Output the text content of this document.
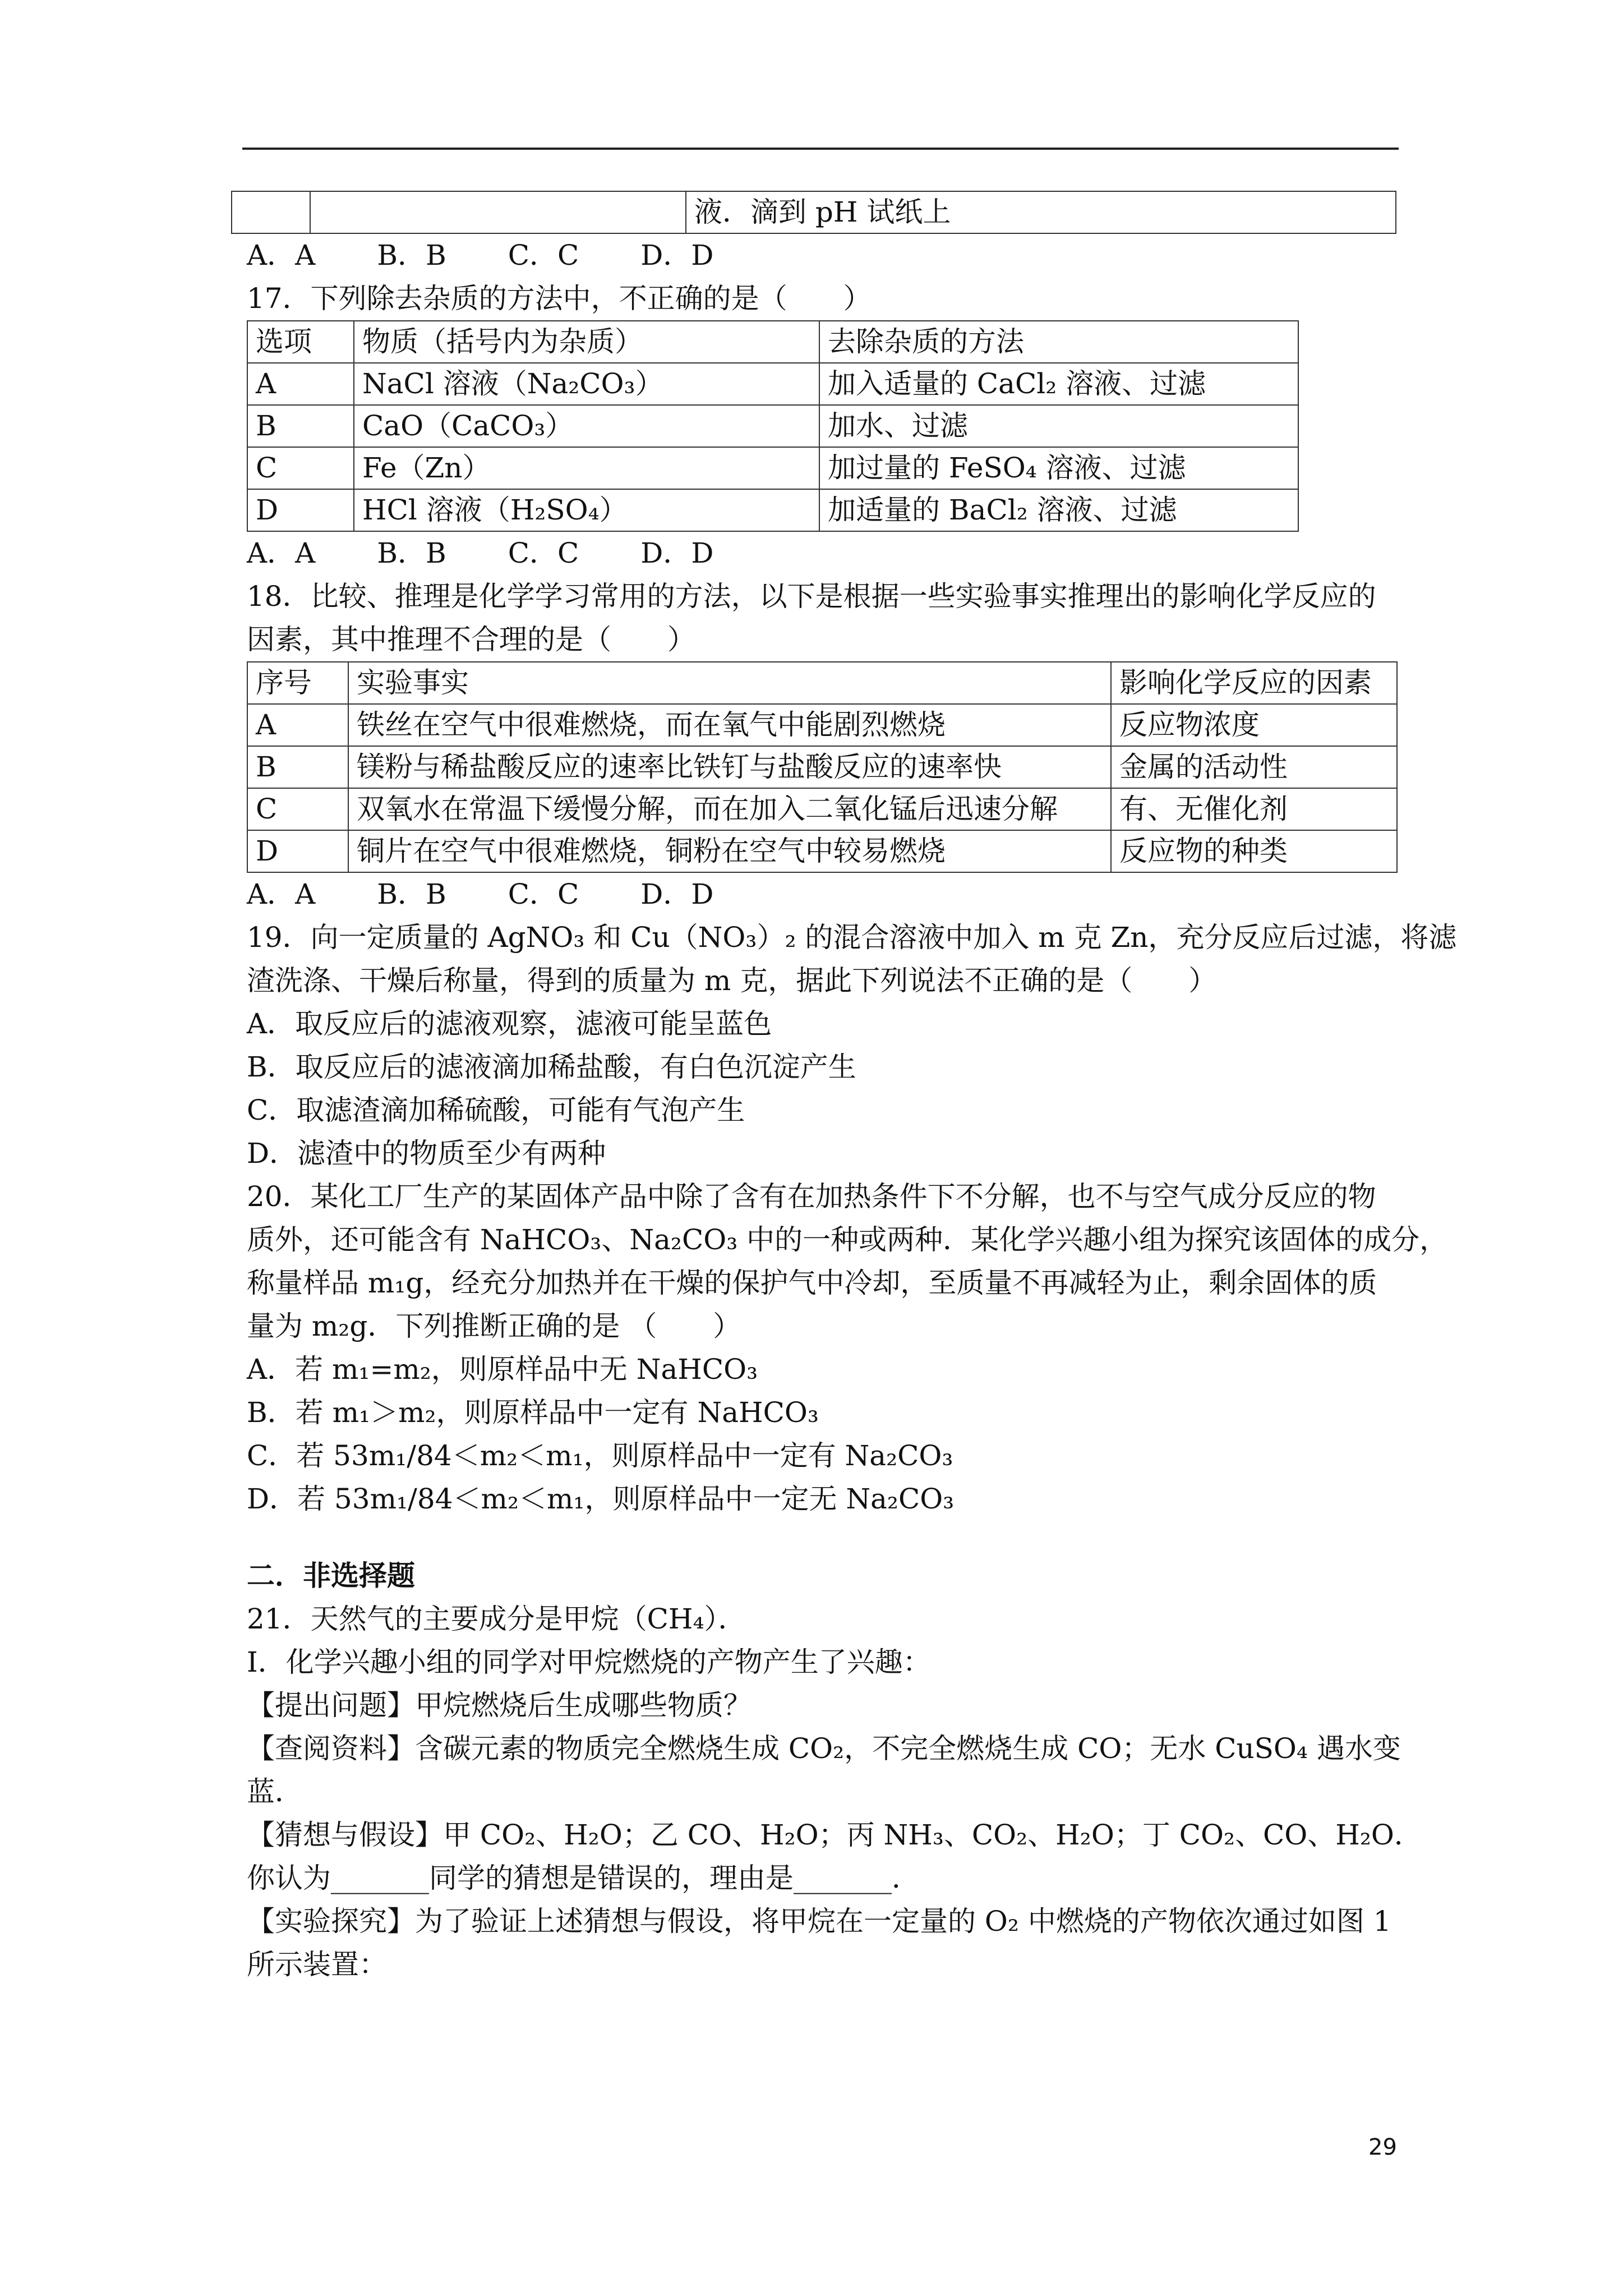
		液．滴到 pH 试纸上
A．A B．B C．C D．D
17．下列除去杂质的方法中，不正确的是（　　）
选项	物质（括号内为杂质）	去除杂质的方法
A	NaCl 溶液（Na₂CO₃）	加入适量的 CaCl₂ 溶液、过滤
B	CaO（CaCO₃）	加水、过滤
C	Fe（Zn）	加过量的 FeSO₄ 溶液、过滤
D	HCl 溶液（H₂SO₄）	加适量的 BaCl₂ 溶液、过滤
A．A B．B C．C D．D
18．比较、推理是化学学习常用的方法，以下是根据一些实验事实推理出的影响化学反应的
因素，其中推理不合理的是（　　）
序号	实验事实	影响化学反应的因素
A	铁丝在空气中很难燃烧，而在氧气中能剧烈燃烧	反应物浓度
B	镁粉与稀盐酸反应的速率比铁钉与盐酸反应的速率快	金属的活动性
C	双氧水在常温下缓慢分解，而在加入二氧化锰后迅速分解	有、无催化剂
D	铜片在空气中很难燃烧，铜粉在空气中较易燃烧	反应物的种类
A．A B．B C．C D．D
19．向一定质量的 AgNO₃ 和 Cu（NO₃）₂ 的混合溶液中加入 m 克 Zn，充分反应后过滤，将滤
渣洗涤、干燥后称量，得到的质量为 m 克，据此下列说法不正确的是（　　）
A．取反应后的滤液观察，滤液可能呈蓝色
B．取反应后的滤液滴加稀盐酸，有白色沉淀产生
C．取滤渣滴加稀硫酸，可能有气泡产生
D．滤渣中的物质至少有两种
20．某化工厂生产的某固体产品中除了含有在加热条件下不分解，也不与空气成分反应的物
质外，还可能含有 NaHCO₃、Na₂CO₃ 中的一种或两种．某化学兴趣小组为探究该固体的成分，
称量样品 m₁g，经充分加热并在干燥的保护气中冷却，至质量不再减轻为止，剩余固体的质
量为 m₂g．下列推断正确的是 （　　）
A．若 m₁=m₂，则原样品中无 NaHCO₃
B．若 m₁＞m₂，则原样品中一定有 NaHCO₃
C．若 53m₁/84＜m₂＜m₁，则原样品中一定有 Na₂CO₃
D．若 53m₁/84＜m₂＜m₁，则原样品中一定无 Na₂CO₃
二．非选择题
21．天然气的主要成分是甲烷（CH₄）．
I．化学兴趣小组的同学对甲烷燃烧的产物产生了兴趣：
【提出问题】甲烷燃烧后生成哪些物质？
【查阅资料】含碳元素的物质完全燃烧生成 CO₂，不完全燃烧生成 CO；无水 CuSO₄ 遇水变
蓝．
【猜想与假设】甲 CO₂、H₂O；乙 CO、H₂O；丙 NH₃、CO₂、H₂O；丁 CO₂、CO、H₂O．
你认为_______同学的猜想是错误的，理由是_______．
【实验探究】为了验证上述猜想与假设，将甲烷在一定量的 O₂ 中燃烧的产物依次通过如图 1
所示装置：
29
